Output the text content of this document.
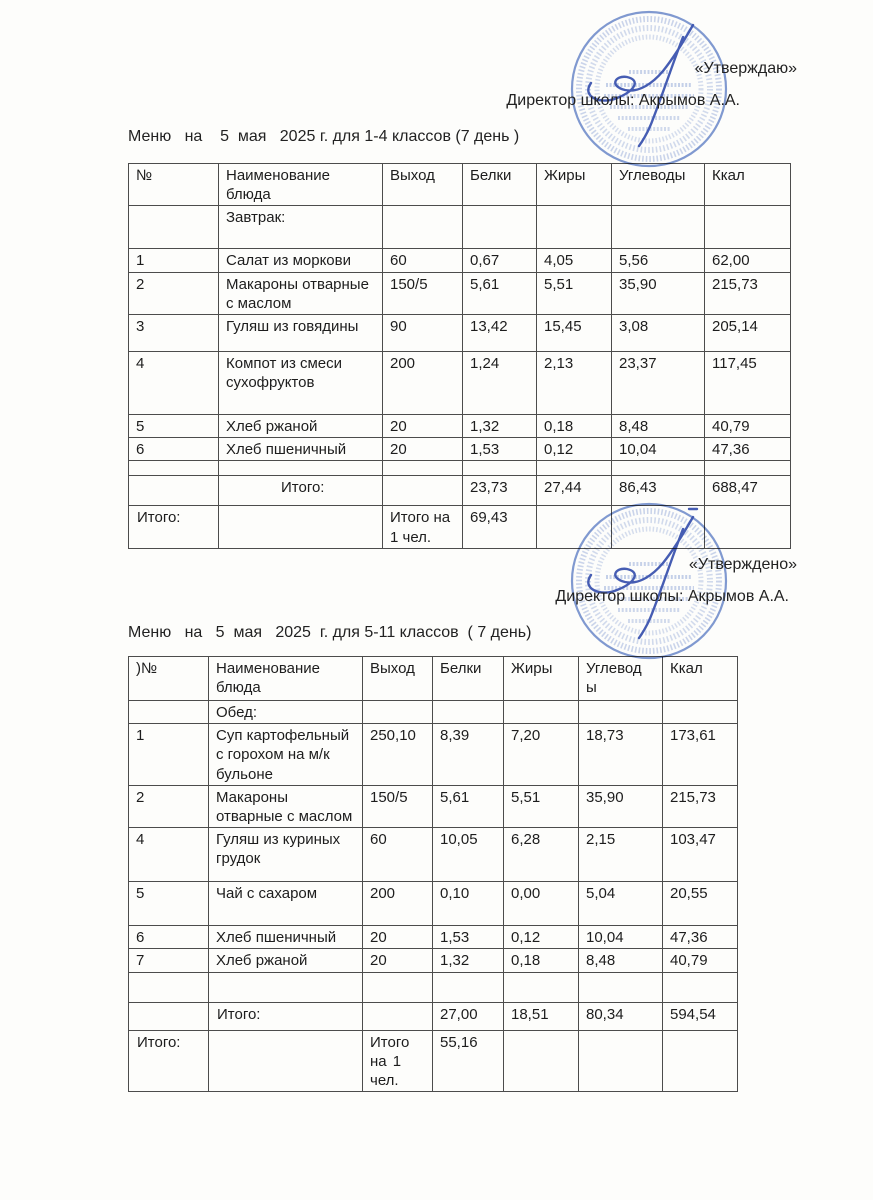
«Утверждаю»
Директор школы: Акрымов А.А.
Меню   на    5  мая   2025 г. для 1-4 классов (7 день )
№	Наименование блюда	Выход	Белки	Жиры	Углеводы	Ккал
	Завтрак:					
1	Салат из моркови	60	0,67	4,05	5,56	62,00
2	Макароны отварные с маслом	150/5	5,61	5,51	35,90	215,73
3	Гуляш из говядины	90	13,42	15,45	3,08	205,14
4	Компот из смеси сухофруктов	200	1,24	2,13	23,37	117,45
5	Хлеб ржаной	20	1,32	0,18	8,48	40,79
6	Хлеб пшеничный	20	1,53	0,12	10,04	47,36

	Итого:		23,73	27,44	86,43	688,47
Итого:		Итого на 1 чел.	69,43			
«Утверждено»
Директор школы: Акрымов А.А.
Меню   на   5  мая   2025  г. для 5-11 классов  ( 7 день)
)№	Наименование блюда	Выход	Белки	Жиры	Углеводы	Ккал
	Обед:					
1	Суп картофельный с горохом на м/к бульоне	250,10	8,39	7,20	18,73	173,61
2	Макароны отварные с маслом	150/5	5,61	5,51	35,90	215,73
4	Гуляш из куриных грудок	60	10,05	6,28	2,15	103,47
5	Чай с сахаром	200	0,10	0,00	5,04	20,55
6	Хлеб пшеничный	20	1,53	0,12	10,04	47,36
7	Хлеб ржаной	20	1,32	0,18	8,48	40,79

	Итого:		27,00	18,51	80,34	594,54
Итого:		Итого на 1 чел.	55,16			
